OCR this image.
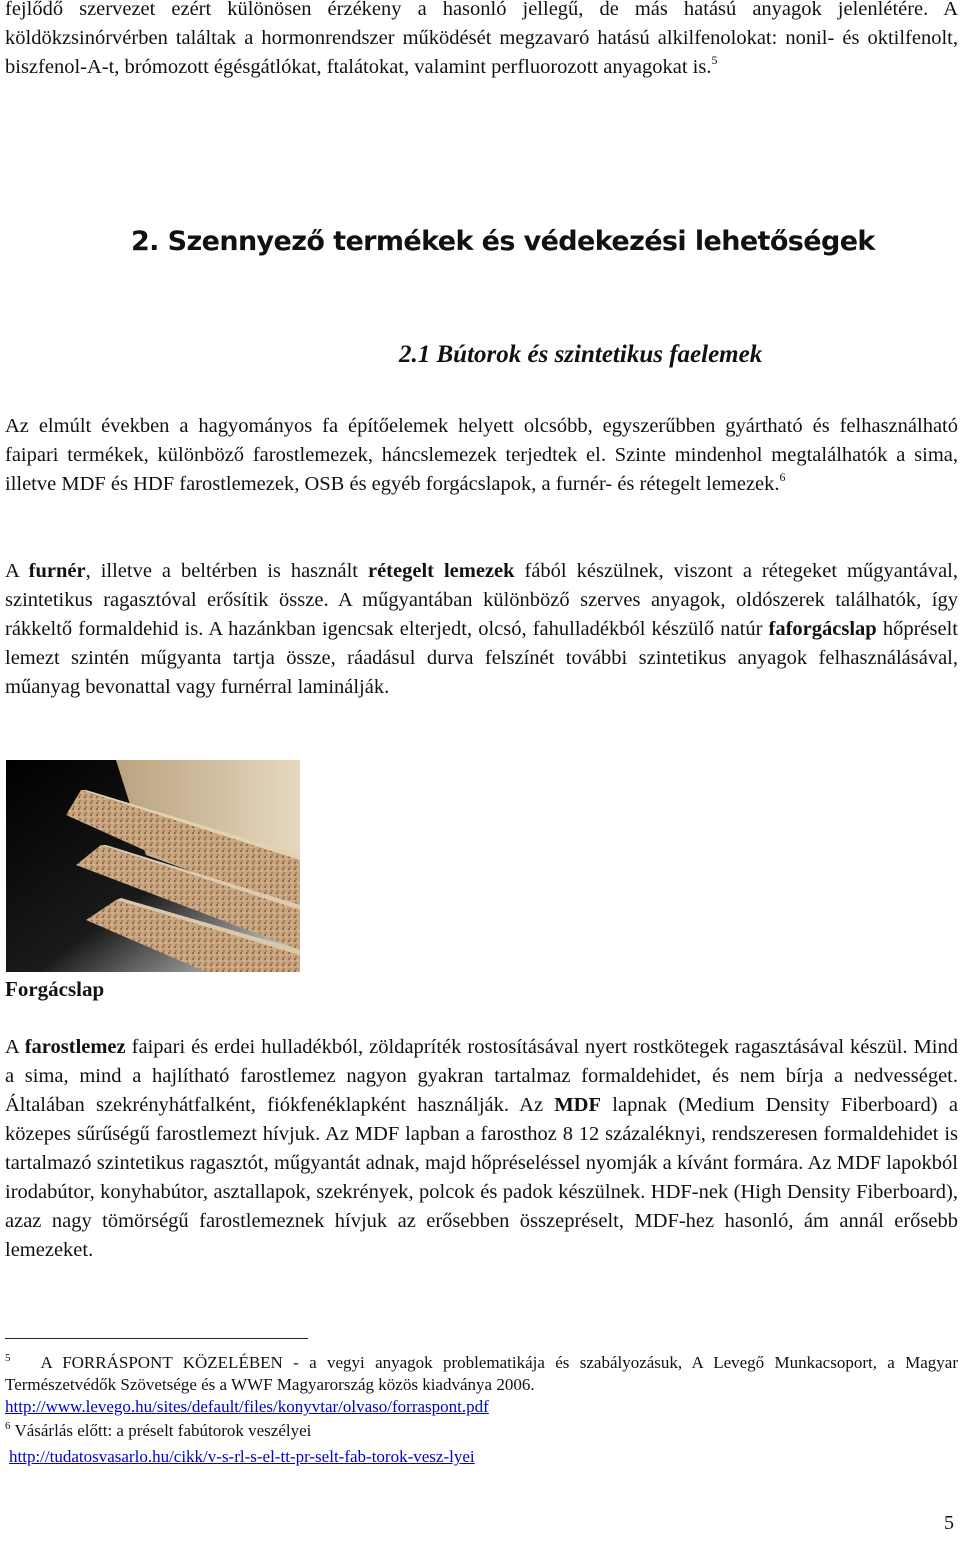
fejlődő szervezet ezért különösen érzékeny a hasonló jellegű, de más hatású anyagok jelenlétére. A köldökzsinórvérben találtak a hormonrendszer működését megzavaró hatású alkilfenolokat: nonil- és oktilfenolt, biszfenol-A-t, brómozott égésgátlókat, ftalátokat, valamint perfluorozott anyagokat is.$^5$

2. Szennyező termékek és védekezési lehetőségek
2.1 Bútorok és szintetikus faelemek

Az elmúlt években a hagyományos fa építőelemek helyett olcsóbb, egyszerűbben gyártható és felhasználható faipari termékek, különböző farostlemezek, háncslemezek terjedtek el. Szinte mindenhol megtalálhatók a sima, illetve MDF és HDF farostlemezek, OSB és egyéb forgácslapok, a furnér- és rétegelt lemezek.$^6$

A furnér, illetve a beltérben is használt rétegelt lemezek fából készülnek, viszont a rétegeket műgyantával, szintetikus ragasztóval erősítik össze. A műgyantában különböző szerves anyagok, oldószerek találhatók, így rákkeltő formaldehid is. A hazánkban igencsak elterjedt, olcsó, fahulladékból készülő natúr faforgácslap hőpréselt lemezt szintén műgyanta tartja össze, ráadásul durva felszínét további szintetikus anyagok felhasználásával, műanyag bevonattal vagy furnérral laminálják.

Forgácslap

A farostlemez faipari és erdei hulladékból, zöldapríték rostosításával nyert rostkötegek ragasztásával készül. Mind a sima, mind a hajlítható farostlemez nagyon gyakran tartalmaz formaldehidet, és nem bírja a nedvességet. Általában szekrényhátfalként, fiókfenéklapként használják. Az MDF lapnak (Medium Density Fiberboard) a közepes sűrűségű farostlemezt hívjuk. Az MDF lapban a farosthoz 8 12 százaléknyi, rendszeresen formaldehidet is tartalmazó szintetikus ragasztót, műgyantát adnak, majd hőpréseléssel nyomják a kívánt formára. Az MDF lapokból irodabútor, konyhabútor, asztallapok, szekrények, polcok és padok készülnek. HDF-nek (High Density Fiberboard), azaz nagy tömörségű farostlemeznek hívjuk az erősebben összepréselt, MDF-hez hasonló, ám annál erősebb lemezeket.

$^5$ A FORRÁSPONT KÖZELÉBEN - a vegyi anyagok problematikája és szabályozásuk, A Levegő Munkacsoport, a Magyar Természetvédők Szövetsége és a WWF Magyarország közös kiadványa 2006.
http://www.levego.hu/sites/default/files/konyvtar/olvaso/forraspont.pdf

$^6$ Vásárlás előtt: a préselt fabútorok veszélyei

http://tudatosvasarlo.hu/cikk/v-s-rl-s-el-tt-pr-selt-fab-torok-vesz-lyei

5
